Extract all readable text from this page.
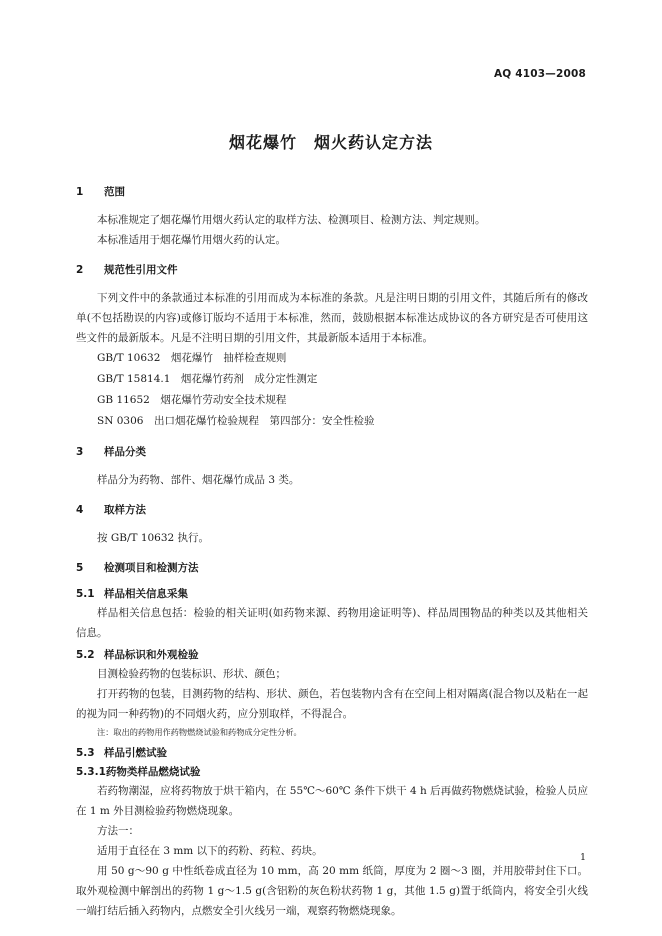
AQ 4103—2008
烟花爆竹　烟火药认定方法
1 范围

本标准规定了烟花爆竹用烟火药认定的取样方法、检测项目、检测方法、判定规则。

本标准适用于烟花爆竹用烟火药的认定。

2 规范性引用文件

下列文件中的条款通过本标准的引用而成为本标准的条款。凡是注明日期的引用文件，其随后所有的修改单(不包括勘误的内容)或修订版均不适用于本标准，然而，鼓励根据本标准达成协议的各方研究是否可使用这些文件的最新版本。凡是不注明日期的引用文件，其最新版本适用于本标准。

GB/T 10632　烟花爆竹　抽样检查规则

GB/T 15814.1　烟花爆竹药剂　成分定性测定

GB 11652　烟花爆竹劳动安全技术规程

SN 0306　出口烟花爆竹检验规程　第四部分：安全性检验

3 样品分类

样品分为药物、部件、烟花爆竹成品 3 类。

4 取样方法

按 GB/T 10632 执行。

5 检测项目和检测方法
5.1 样品相关信息采集

样品相关信息包括：检验的相关证明(如药物来源、药物用途证明等)、样品周围物品的种类以及其他相关信息。

5.2 样品标识和外观检验

目测检验药物的包装标识、形状、颜色；

打开药物的包装，目测药物的结构、形状、颜色，若包装物内含有在空间上相对隔离(混合物以及粘在一起的视为同一种药物)的不同烟火药，应分别取样，不得混合。

注：取出的药物用作药物燃烧试验和药物成分定性分析。

5.3 样品引燃试验
5.3.1药物类样品燃烧试验

若药物潮湿，应将药物放于烘干箱内，在 55℃～60℃ 条件下烘干 4 h 后再做药物燃烧试验，检验人员应在 1 m 外目测检验药物燃烧现象。

方法一：

适用于直径在 3 mm 以下的药粉、药粒、药块。

用 50 g～90 g 中性纸卷成直径为 10 mm，高 20 mm 纸筒，厚度为 2 圈～3 圈，并用胶带封住下口。取外观检测中解剖出的药物 1 g～1.5 g(含铝粉的灰色粉状药物 1 g，其他 1.5 g)置于纸筒内，将安全引火线一端打结后插入药物内，点燃安全引火线另一端，观察药物燃烧现象。

1
